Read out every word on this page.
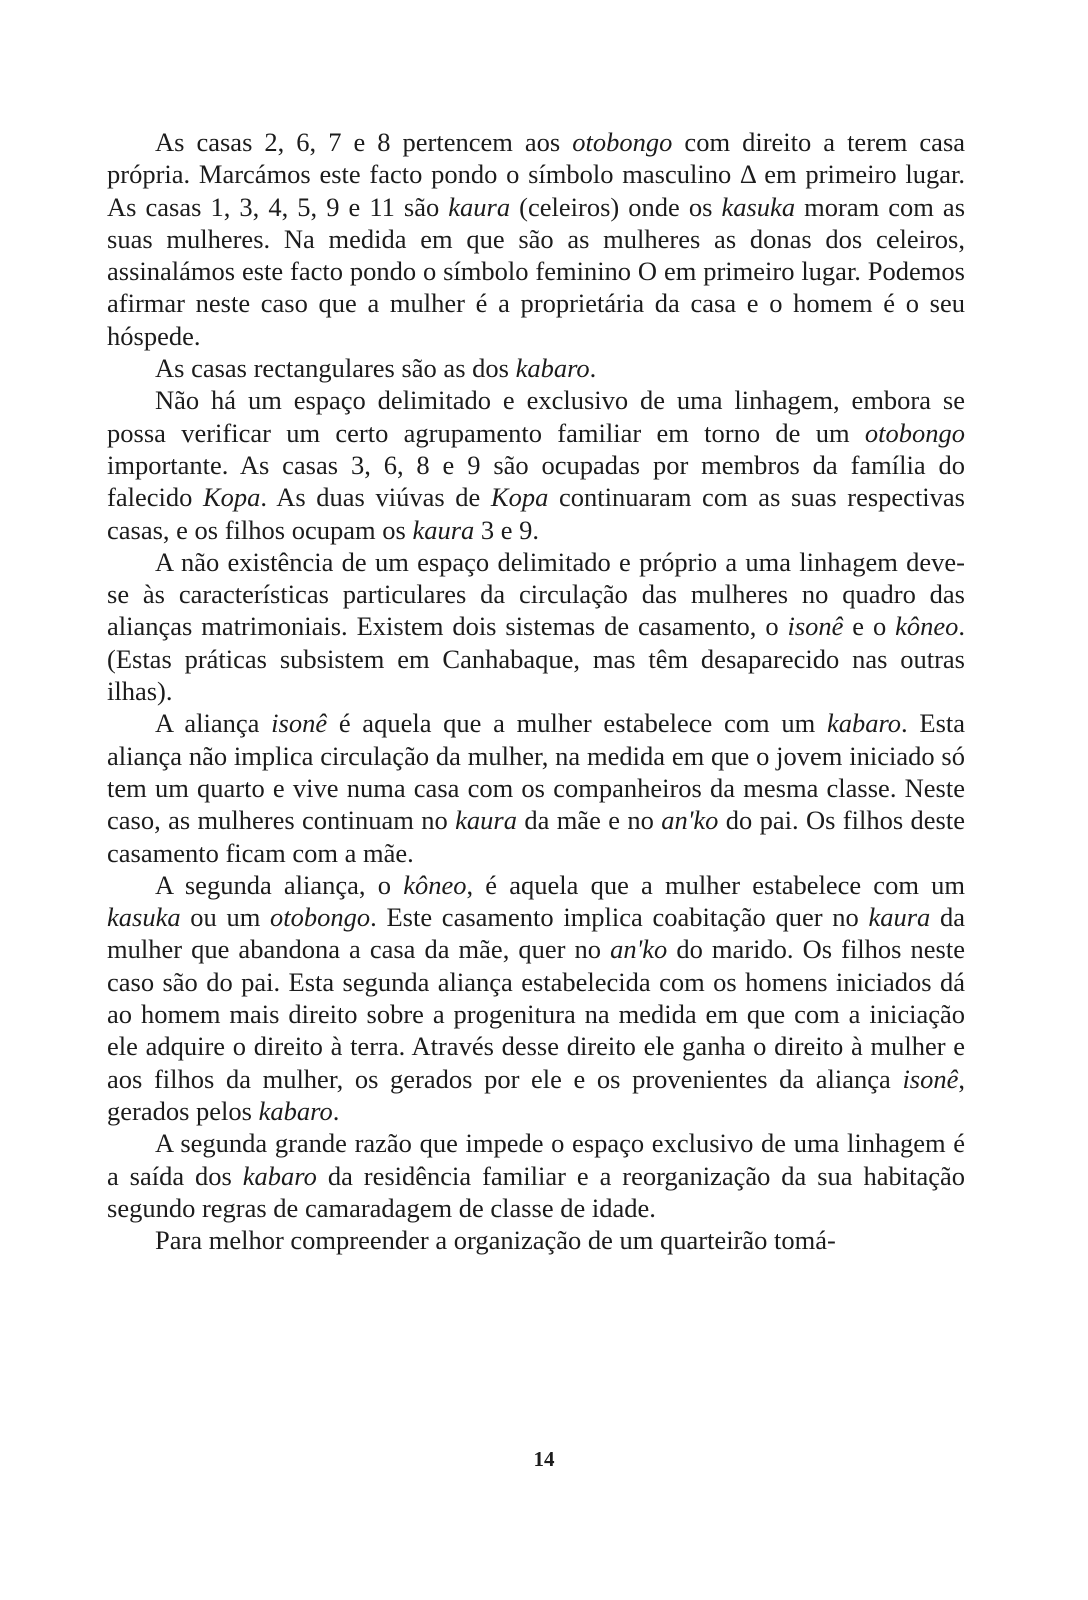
As casas 2, 6, 7 e 8 pertencem aos otobongo com direito a terem casa própria. Marcámos este facto pondo o símbolo masculino Δ em primeiro lugar. As casas 1, 3, 4, 5, 9 e 11 são kaura (celeiros) onde os kasuka moram com as suas mulheres. Na medida em que são as mulheres as donas dos celeiros, assinalámos este facto pondo o símbolo feminino O em primeiro lugar. Podemos afirmar neste caso que a mulher é a proprietária da casa e o homem é o seu hóspede.

As casas rectangulares são as dos kabaro.

Não há um espaço delimitado e exclusivo de uma linhagem, embora se possa verificar um certo agrupamento familiar em torno de um otobongo importante. As casas 3, 6, 8 e 9 são ocupadas por membros da família do falecido Kopa. As duas viúvas de Kopa continuaram com as suas respectivas casas, e os filhos ocupam os kaura 3 e 9.

A não existência de um espaço delimitado e próprio a uma linhagem deve-se às características particulares da circulação das mulheres no quadro das alianças matrimoniais. Existem dois sistemas de casamento, o isonê e o kôneo. (Estas práticas subsistem em Canhabaque, mas têm desaparecido nas outras ilhas).

A aliança isonê é aquela que a mulher estabelece com um kabaro. Esta aliança não implica circulação da mulher, na medida em que o jovem iniciado só tem um quarto e vive numa casa com os companheiros da mesma classe. Neste caso, as mulheres continuam no kaura da mãe e no an'ko do pai. Os filhos deste casamento ficam com a mãe.

A segunda aliança, o kôneo, é aquela que a mulher estabelece com um kasuka ou um otobongo. Este casamento implica coabitação quer no kaura da mulher que abandona a casa da mãe, quer no an'ko do marido. Os filhos neste caso são do pai. Esta segunda aliança estabelecida com os homens iniciados dá ao homem mais direito sobre a progenitura na medida em que com a iniciação ele adquire o direito à terra. Através desse direito ele ganha o direito à mulher e aos filhos da mulher, os gerados por ele e os provenientes da aliança isonê, gerados pelos kabaro.

A segunda grande razão que impede o espaço exclusivo de uma linhagem é a saída dos kabaro da residência familiar e a reorganização da sua habitação segundo regras de camaradagem de classe de idade.

Para melhor compreender a organização de um quarteirão tomá-

14
